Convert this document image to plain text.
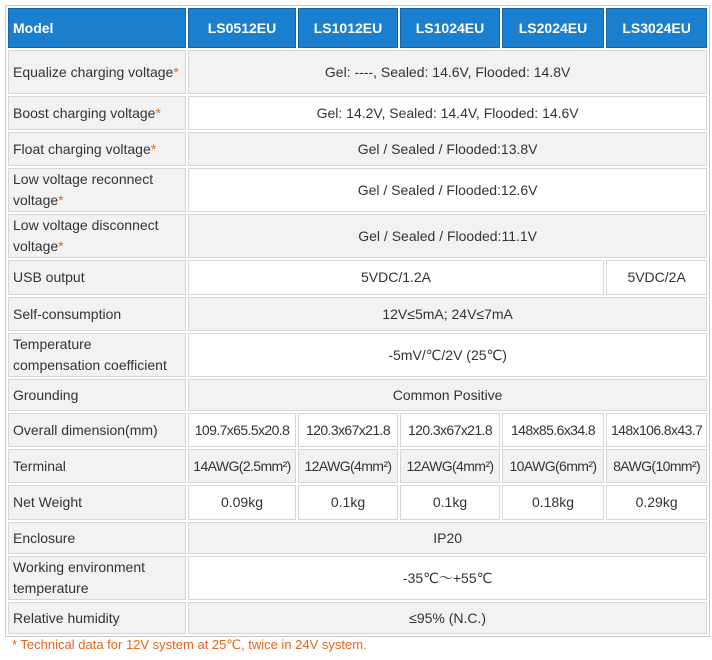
Model	LS0512EU	LS1012EU	LS1024EU	LS2024EU	LS3024EU
Equalize charging voltage*	Gel: ----, Sealed: 14.6V, Flooded: 14.8V				
Boost charging voltage*	Gel: 14.2V, Sealed: 14.4V, Flooded: 14.6V				
Float charging voltage*	Gel / Sealed / Flooded:13.8V				
Low voltage reconnect voltage*	Gel / Sealed / Flooded:12.6V				
Low voltage disconnect voltage*	Gel / Sealed / Flooded:11.1V				
USB output	5VDC/1.2A				5VDC/2A
Self-consumption	12V≤5mA; 24V≤7mA				
Temperature compensation coefficient	-5mV/℃/2V (25℃)				
Grounding	Common Positive				
Overall dimension(mm)	109.7x65.5x20.8	120.3x67x21.8	120.3x67x21.8	148x85.6x34.8	148x106.8x43.7
Terminal	14AWG(2.5mm²)	12AWG(4mm²)	12AWG(4mm²)	10AWG(6mm²)	8AWG(10mm²)
Net Weight	0.09kg	0.1kg	0.1kg	0.18kg	0.29kg
Enclosure	IP20				
Working environment temperature	-35℃～+55℃				
Relative humidity	≤95% (N.C.)				
* Technical data for 12V system at 25℃, twice in 24V system.
